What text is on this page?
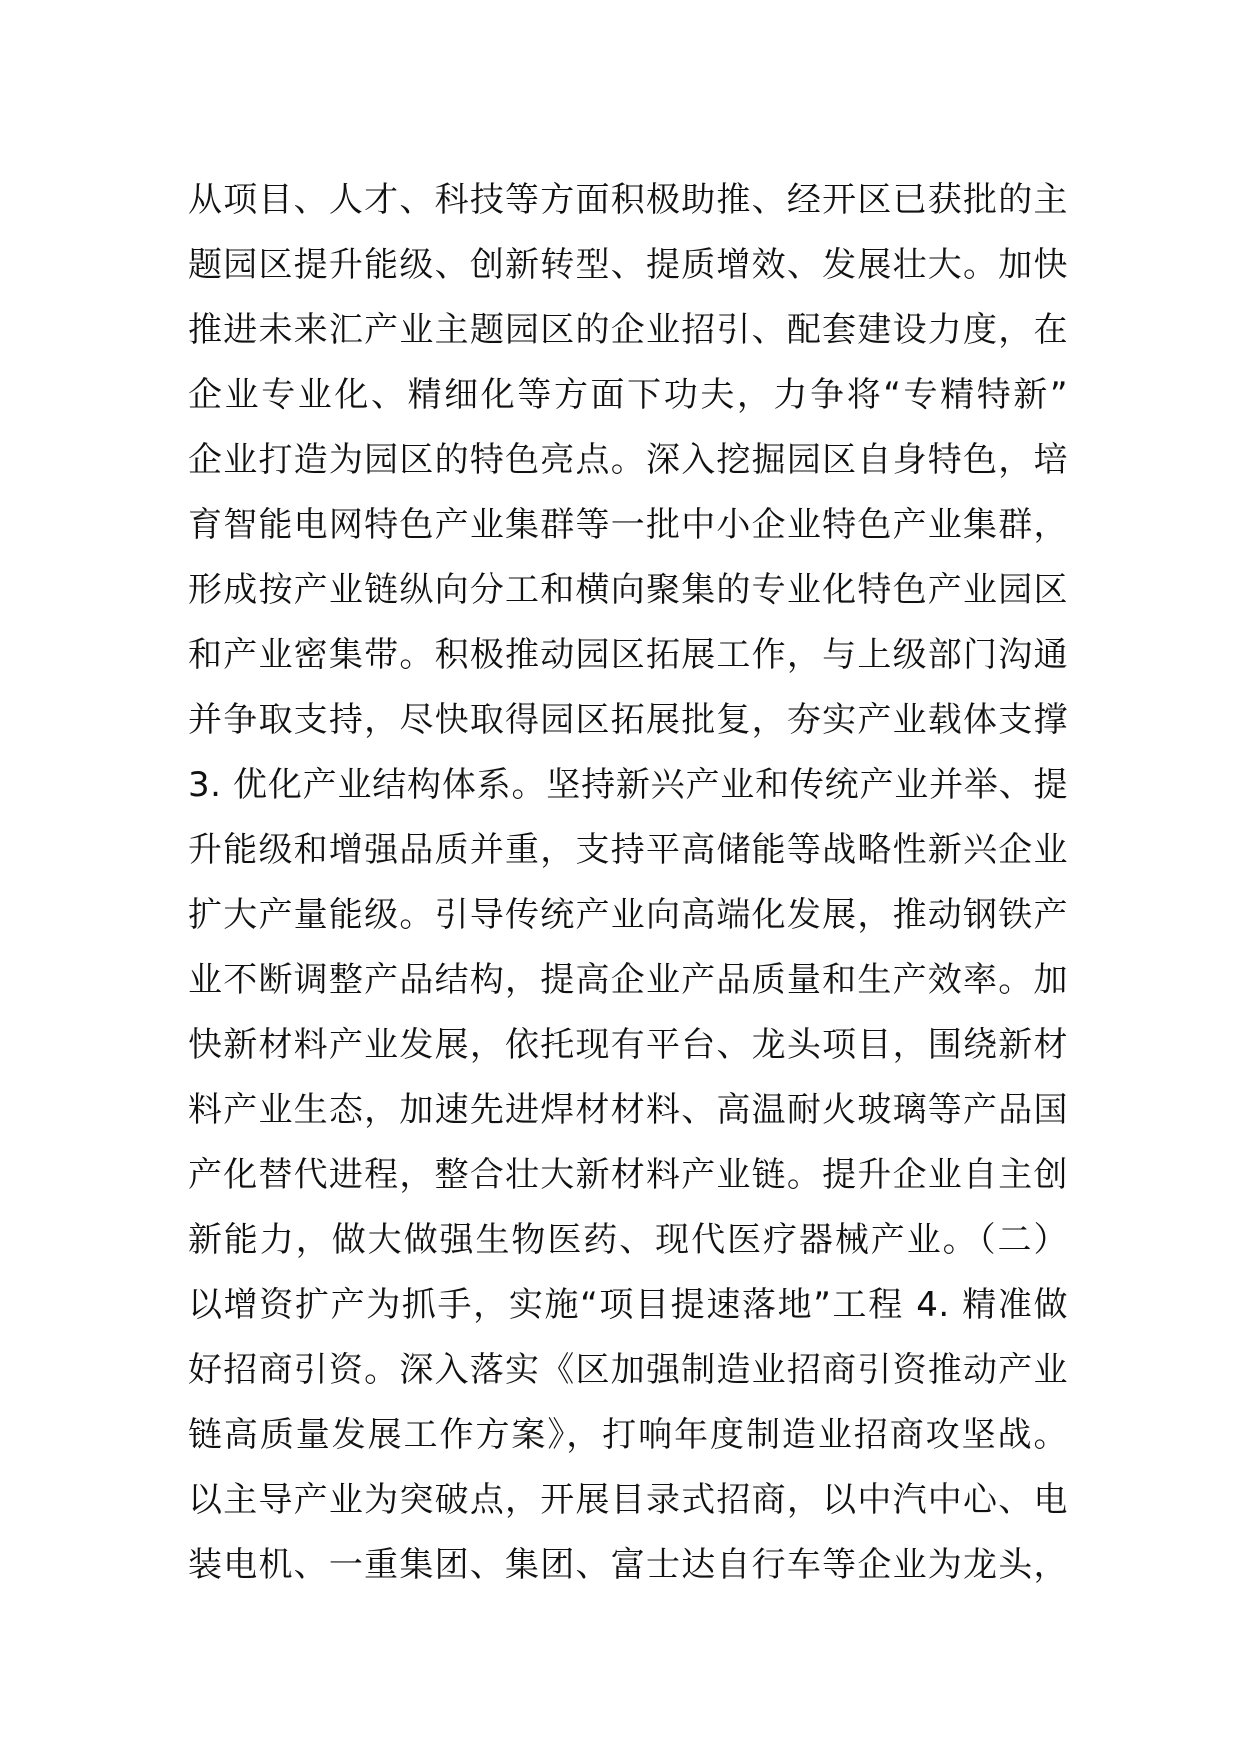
从项目、人才、科技等方面积极助推、经开区已获批的主
题园区提升能级、创新转型、提质增效、发展壮大。加快
推进未来汇产业主题园区的企业招引、配套建设力度，在
企业专业化、精细化等方面下功夫，力争将“专精特新”
企业打造为园区的特色亮点。深入挖掘园区自身特色，培
育智能电网特色产业集群等一批中小企业特色产业集群，
形成按产业链纵向分工和横向聚集的专业化特色产业园区
和产业密集带。积极推动园区拓展工作，与上级部门沟通
并争取支持，尽快取得园区拓展批复，夯实产业载体支撑
3. 优化产业结构体系。坚持新兴产业和传统产业并举、提
升能级和增强品质并重，支持平高储能等战略性新兴企业
扩大产量能级。引导传统产业向高端化发展，推动钢铁产
业不断调整产品结构，提高企业产品质量和生产效率。加
快新材料产业发展，依托现有平台、龙头项目，围绕新材
料产业生态，加速先进焊材材料、高温耐火玻璃等产品国
产化替代进程，整合壮大新材料产业链。提升企业自主创
新能力，做大做强生物医药、现代医疗器械产业。（二）
以增资扩产为抓手，实施“项目提速落地”工程 4. 精准做
好招商引资。深入落实《区加强制造业招商引资推动产业
链高质量发展工作方案》，打响年度制造业招商攻坚战。
以主导产业为突破点，开展目录式招商，以中汽中心、电
装电机、一重集团、集团、富士达自行车等企业为龙头，
